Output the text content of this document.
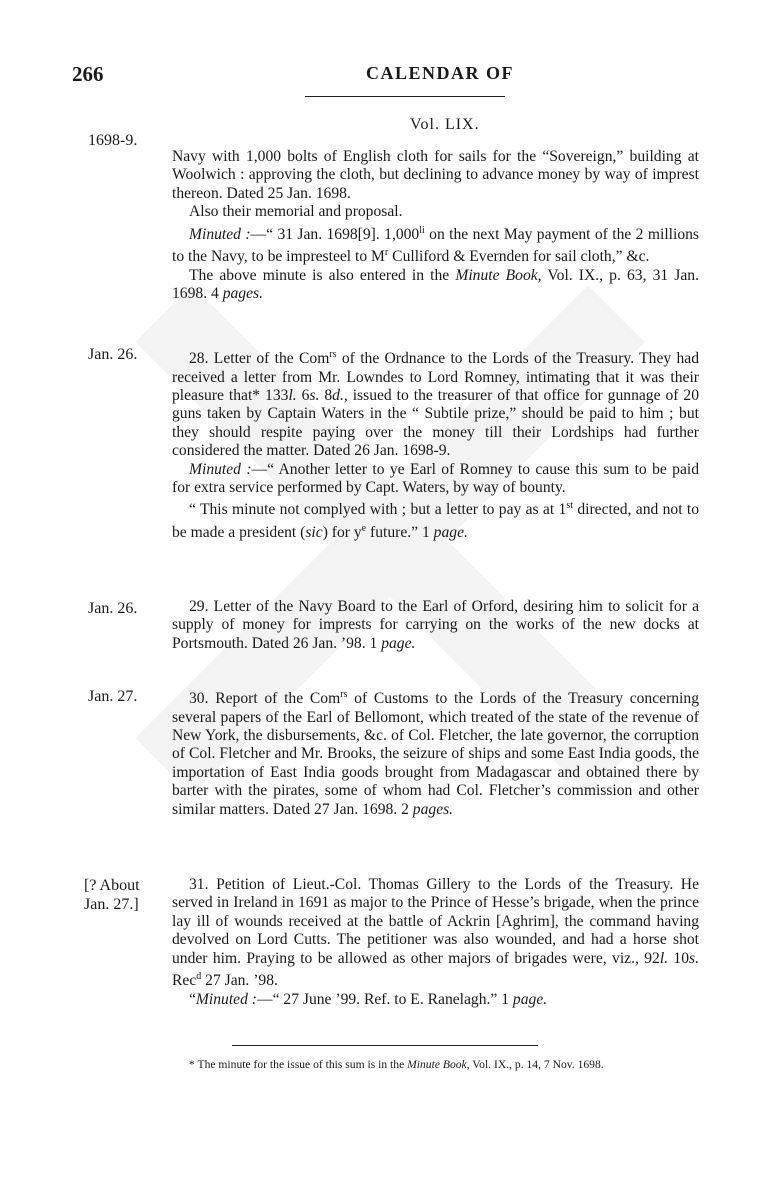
266	CALENDAR OF
Vol. LIX.
1698-9.
Jan. 26.
Jan. 26.
Jan. 27.
[? About
Jan. 27.]

Navy with 1,000 bolts of English cloth for sails for the “Sovereign,” building at Woolwich : approving the cloth, but declining to advance money by way of imprest thereon. Dated 25 Jan. 1698.

Also their memorial and proposal.

Minuted :—“ 31 Jan. 1698[9]. $1,000^{li}$ on the next May payment of the 2 millions to the Navy, to be impresteel to $M^r$ Culliford & Evernden for sail cloth,” &c.

The above minute is also entered in the Minute Book, Vol. IX., p. 63, 31 Jan. 1698. 4 pages.

28. Letter of the Com$^{rs}$ of the Ordnance to the Lords of the Treasury. They had received a letter from Mr. Lowndes to Lord Romney, intimating that it was their pleasure that* 133l. 6s. 8d., issued to the treasurer of that office for gunnage of 20 guns taken by Captain Waters in the “ Subtile prize,” should be paid to him ; but they should respite paying over the money till their Lordships had further considered the matter. Dated 26 Jan. 1698-9.

Minuted :—“ Another letter to ye Earl of Romney to cause this sum to be paid for extra service performed by Capt. Waters, by way of bounty.

“ This minute not complyed with ; but a letter to pay as at 1st directed, and not to be made a president (sic) for $y^e$ future.” 1 page.

29. Letter of the Navy Board to the Earl of Orford, desiring him to solicit for a supply of money for imprests for carrying on the works of the new docks at Portsmouth. Dated 26 Jan. ’98. 1 page.

30. Report of the Com$^{rs}$ of Customs to the Lords of the Treasury concerning several papers of the Earl of Bellomont, which treated of the state of the revenue of New York, the disbursements, &c. of Col. Fletcher, the late governor, the corruption of Col. Fletcher and Mr. Brooks, the seizure of ships and some East India goods, the importation of East India goods brought from Madagascar and obtained there by barter with the pirates, some of whom had Col. Fletcher’s commission and other similar matters. Dated 27 Jan. 1698. 2 pages.

31. Petition of Lieut.-Col. Thomas Gillery to the Lords of the Treasury. He served in Ireland in 1691 as major to the Prince of Hesse’s brigade, when the prince lay ill of wounds received at the battle of Ackrin [Aghrim], the command having devolved on Lord Cutts. The petitioner was also wounded, and had a horse shot under him. Praying to be allowed as other majors of brigades were, viz., 92l. 10s. Rec$^d$ 27 Jan. ’98.

“Minuted :—“ 27 June ’99. Ref. to E. Ranelagh.” 1 page.

* The minute for the issue of this sum is in the Minute Book, Vol. IX., p. 14, 7 Nov. 1698.
